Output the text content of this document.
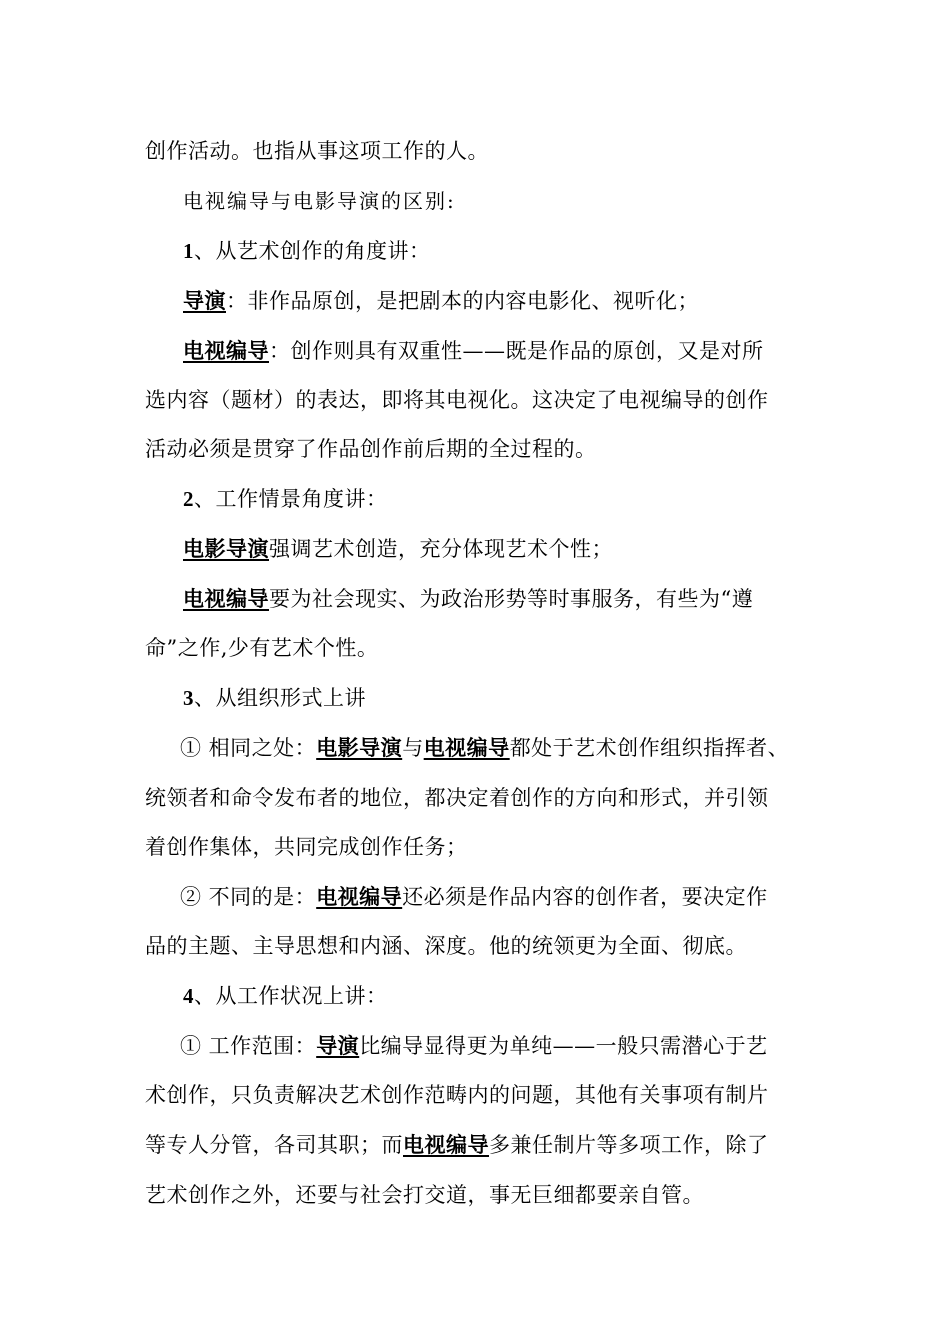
创作活动。也指从事这项工作的人。
电视编导与电影导演的区别:
1、从艺术创作的角度讲：
导演：非作品原创，是把剧本的内容电影化、视听化；
电视编导：创作则具有双重性——既是作品的原创，又是对所
选内容（题材）的表达，即将其电视化。这决定了电视编导的创作
活动必须是贯穿了作品创作前后期的全过程的。
2、工作情景角度讲：
电影导演强调艺术创造，充分体现艺术个性；
电视编导要为社会现实、为政治形势等时事服务，有些为“遵
命”之作,少有艺术个性。
3、从组织形式上讲
① 相同之处：电影导演与电视编导都处于艺术创作组织指挥者、
统领者和命令发布者的地位，都决定着创作的方向和形式，并引领
着创作集体，共同完成创作任务；
② 不同的是：电视编导还必须是作品内容的创作者，要决定作
品的主题、主导思想和内涵、深度。他的统领更为全面、彻底。
4、从工作状况上讲：
① 工作范围：导演比编导显得更为单纯——一般只需潜心于艺
术创作，只负责解决艺术创作范畴内的问题，其他有关事项有制片
等专人分管，各司其职；而电视编导多兼任制片等多项工作，除了
艺术创作之外，还要与社会打交道，事无巨细都要亲自管。
